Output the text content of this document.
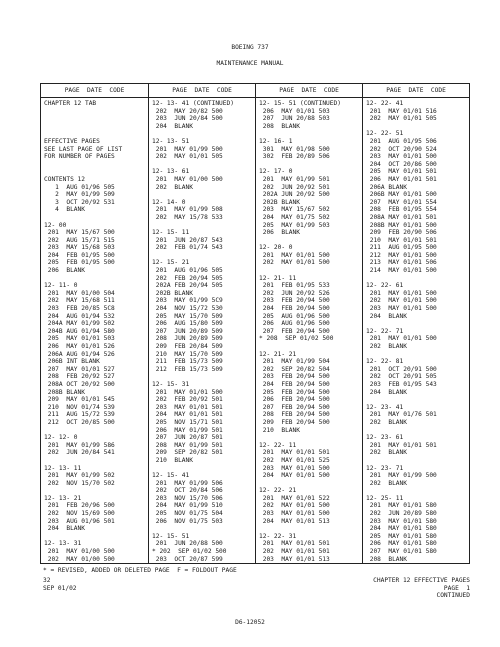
BOEING 737
MAINTENANCE MANUAL
PAGE  DATE  CODE
CHAPTER 12 TAB
EFFECTIVE PAGES
SEE LAST PAGE OF LIST
FOR NUMBER OF PAGES
CONTENTS 12
1  AUG 01/96 505
2  MAY 01/99 509
3  OCT 20/92 531
4  BLANK
12- 00
201  MAY 15/67 500
202  AUG 15/71 515
203  MAY 15/68 503
204  FEB 01/95 500
205  FEB 01/95 500
206  BLANK
12- 11- 0
201  MAY 01/00 504
202  MAY 15/68 511
203  FEB 20/85 5C8
204  AUG 01/94 532
204A MAY 01/99 502
204B AUG 01/94 580
205  MAY 01/01 503
206  MAY 01/01 526
206A AUG 01/94 526
206B INT BLANK
207  MAY 01/01 527
208  FEB 20/92 527
208A OCT 20/92 500
208B BLANK
209  MAY 01/01 545
210  NOV 01/74 539
211  AUG 15/72 539
212  OCT 20/85 500
12- 12- 0
201  MAY 01/99 586
202  JUN 20/84 541
12- 13- 11
201  MAY 01/99 502
202  NOV 15/70 502
12- 13- 21
201  FEB 20/96 500
202  NOV 15/69 500
203  AUG 01/96 501
204  BLANK
12- 13- 31
201  MAY 01/00 500
202  MAY 01/00 500
PAGE  DATE  CODE
12- 13- 41 (CONTINUED)
202  MAY 20/82 500
203  JUN 20/84 500
204  BLANK
12- 13- 51
201  MAY 01/99 500
202  MAY 01/01 505
12- 13- 61
201  MAY 01/00 500
202  BLANK
12- 14- 0
201  MAY 01/99 508
202  MAY 15/78 533
12- 15- 11
201  JUN 20/87 543
202  FEB 01/74 543
12- 15- 21
201  AUG 01/96 505
202  FEB 20/94 505
202A FEB 20/94 505
202B BLANK
203  MAY 01/99 5C9
204  NOV 15/72 530
205  MAY 15/70 509
206  AUG 15/80 509
207  JUN 20/89 509
208  JUN 20/89 509
209  FEB 20/84 509
210  MAY 15/70 509
211  FEB 15/73 509
212  FEB 15/73 509
12- 15- 31
201  MAY 01/01 500
202  FEB 20/92 501
203  MAY 01/01 501
204  MAY 01/01 501
205  NOV 15/71 501
206  MAY 01/99 501
207  JUN 20/87 501
208  MAY 01/99 501
209  SEP 20/82 501
210  BLANK
12- 15- 41
201  MAY 01/99 506
202  OCT 20/84 506
203  NOV 15/70 506
204  MAY 01/99 510
205  NOV 01/75 504
206  NOV 01/75 503
12- 15- 51
201  JUN 20/88 500
* 202  SEP 01/02 500
203  OCT 20/87 599
PAGE  DATE  CODE
12- 15- 51 (CONTINUED)
206  MAY 01/01 503
207  JUN 20/88 503
208  BLANK
12- 16- 1
301  MAY 01/98 500
302  FEB 20/89 506
12- 17- 0
201  MAY 01/99 501
202  JUN 20/92 501
202A JUN 20/92 500
202B BLANK
203  MAY 15/67 502
204  MAY 01/75 502
205  MAY 01/99 503
206  BLANK
12- 20- 0
201  MAY 01/01 500
202  MAY 01/01 500
12- 21- 11
201  FEB 01/95 533
202  JUN 20/92 526
203  FEB 20/94 500
204  FEB 20/94 500
205  AUG 01/96 500
206  AUG 01/96 500
207  FEB 20/94 500
* 208  SEP 01/02 500
12- 21- 21
201  MAY 01/99 504
202  SEP 20/82 504
203  FEB 20/94 500
204  FEB 20/94 500
205  FEB 20/94 500
206  FEB 20/94 500
207  FEB 20/94 500
208  FEB 20/94 500
209  FEB 20/94 500
210  BLANK
12- 22- 11
201  MAY 01/01 501
202  MAY 01/01 525
203  MAY 01/01 500
204  MAY 01/01 500
12- 22- 21
201  MAY 01/01 522
202  MAY 01/01 500
203  MAY 01/01 500
204  MAY 01/01 513
12- 22- 31
201  MAY 01/01 501
202  MAY 01/01 501
203  MAY 01/01 513
PAGE  DATE  CODE
12- 22- 41
201  MAY 01/01 516
202  MAY 01/01 505
12- 22- 51
201  AUG 01/95 506
202  OCT 20/90 524
203  MAY 01/01 500
204  OCT 20/86 500
205  MAY 01/01 501
206  MAY 01/01 501
206A BLANK
206B MAY 01/01 500
207  MAY 01/01 554
208  FEB 01/95 554
208A MAY 01/01 501
208B MAY 01/01 500
209  FEB 20/90 506
210  MAY 01/01 501
211  AUG 01/95 500
212  MAY 01/01 500
213  MAY 01/01 506
214  MAY 01/01 500
12- 22- 61
201  MAY 01/01 500
202  MAY 01/01 500
203  MAY 01/01 500
204  BLANK
12- 22- 71
201  MAY 01/01 500
202  BLANK
12- 22- 81
201  OCT 20/91 500
202  OCT 20/91 505
203  FEB 01/95 543
204  BLANK
12- 23- 41
201  MAY 01/76 501
202  BLANK
12- 23- 61
201  MAY 01/01 501
202  BLANK
12- 23- 71
201  MAY 01/99 500
202  BLANK
12- 25- 11
201  MAY 01/01 580
202  JUN 20/89 580
203  MAY 01/01 580
204  MAY 01/01 580
205  MAY 01/01 580
206  MAY 01/01 580
207  MAY 01/01 580
208  BLANK
* = REVISED, ADDED OR DELETED PAGE  F = FOLDOUT PAGE
32
SEP 01/02
CHAPTER 12 EFFECTIVE PAGES
PAGE  1
CONTINUED
D6-12052
